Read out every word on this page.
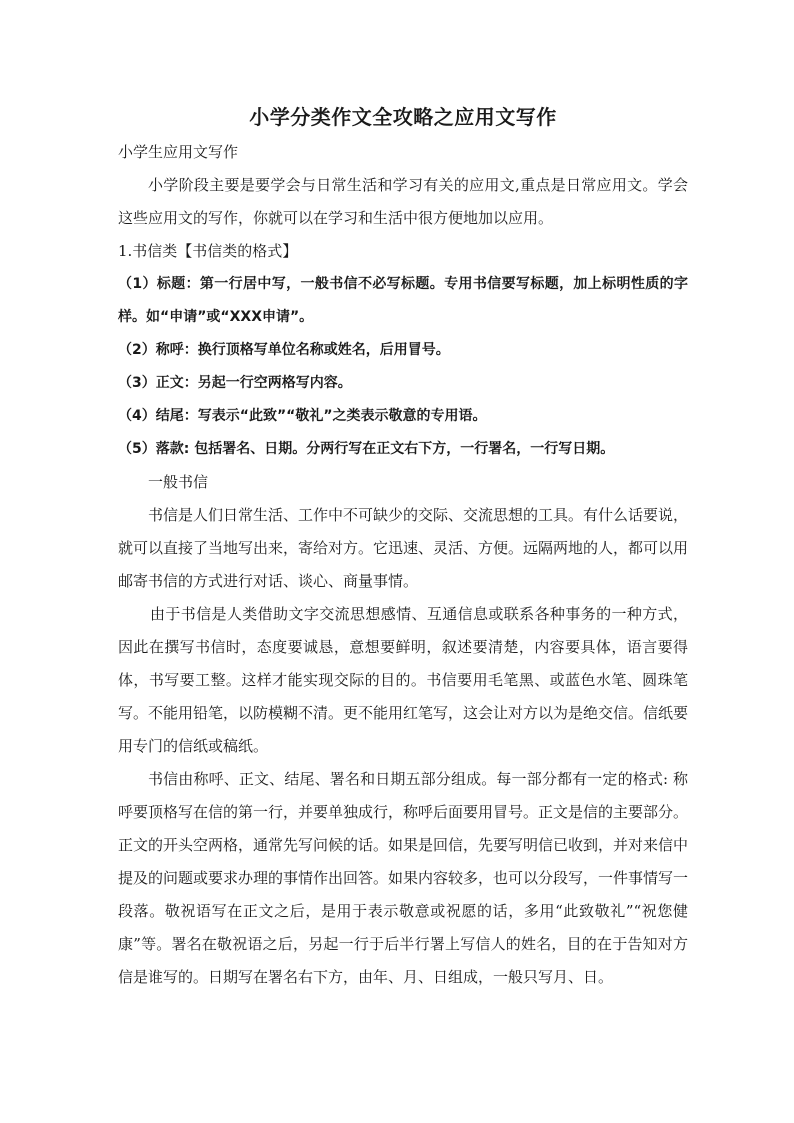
小学分类作文全攻略之应用文写作

小学生应用文写作

小学阶段主要是要学会与日常生活和学习有关的应用文,重点是日常应用文。学会这些应用文的写作，你就可以在学习和生活中很方便地加以应用。

1.书信类【书信类的格式】

（1）标题：第一行居中写，一般书信不必写标题。专用书信要写标题，加上标明性质的字样。如“申请”或“XXX申请”。

（2）称呼：换行顶格写单位名称或姓名，后用冒号。

（3）正文：另起一行空两格写内容。

（4）结尾：写表示“此致”“敬礼”之类表示敬意的专用语。

（5）落款: 包括署名、日期。分两行写在正文右下方，一行署名，一行写日期。

一般书信

书信是人们日常生活、工作中不可缺少的交际、交流思想的工具。有什么话要说，就可以直接了当地写出来，寄给对方。它迅速、灵活、方便。远隔两地的人，都可以用邮寄书信的方式进行对话、谈心、商量事情。

由于书信是人类借助文字交流思想感情、互通信息或联系各种事务的一种方式，因此在撰写书信时，态度要诚恳，意想要鲜明，叙述要清楚，内容要具体，语言要得体，书写要工整。这样才能实现交际的目的。书信要用毛笔黑、或蓝色水笔、圆珠笔写。不能用铅笔，以防模糊不清。更不能用红笔写，这会让对方以为是绝交信。信纸要用专门的信纸或稿纸。

书信由称呼、正文、结尾、署名和日期五部分组成。每一部分都有一定的格式: 称呼要顶格写在信的第一行，并要单独成行，称呼后面要用冒号。正文是信的主要部分。正文的开头空两格，通常先写问候的话。如果是回信，先要写明信已收到，并对来信中提及的问题或要求办理的事情作出回答。如果内容较多，也可以分段写，一件事情写一段落。敬祝语写在正文之后，是用于表示敬意或祝愿的话，多用“此致敬礼”“祝您健康”等。署名在敬祝语之后，另起一行于后半行署上写信人的姓名，目的在于告知对方信是谁写的。日期写在署名右下方，由年、月、日组成，一般只写月、日。
